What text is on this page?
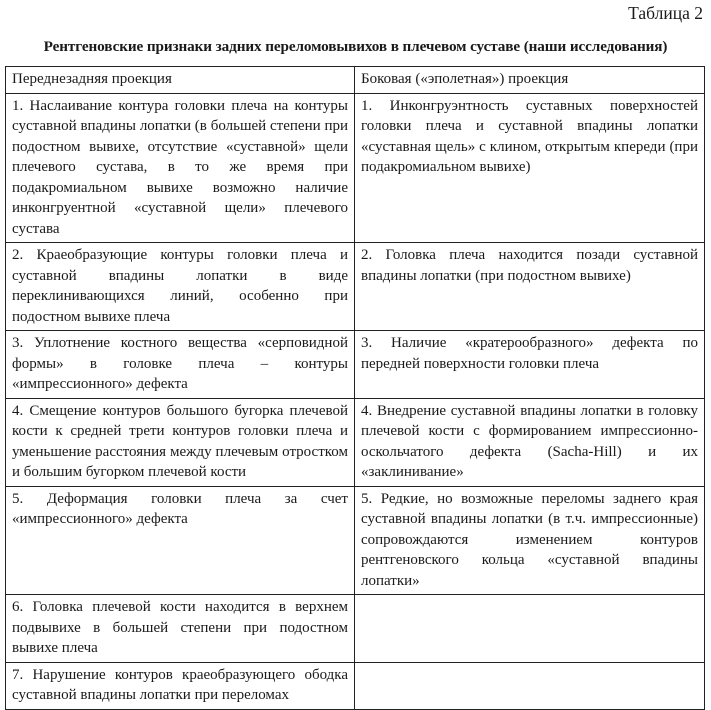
Таблица 2
Рентгеновские признаки задних переломовывихов в плечевом суставе (наши исследования)
Переднезадняя проекция	Боковая («эполетная») проекция
1. Наслаивание контура головки плеча на контуры суставной впадины лопатки (в большей степени при подостном вывихе, отсутствие «суставной» щели плечевого сустава, в то же время при подакромиальном вывихе возможно наличие инконгруентной «суставной щели» плечевого сустава	1. Инконгруэнтность суставных поверхностей головки плеча и суставной впадины лопатки «суставная щель» с клином, открытым кпереди (при подакромиальном вывихе)
2. Краеобразующие контуры головки плеча и суставной впадины лопатки в виде переклинивающихся линий, особенно при подостном вывихе плеча	2. Головка плеча находится позади суставной впадины лопатки (при подостном вывихе)
3. Уплотнение костного вещества «серповидной формы» в головке плеча – контуры «импрессионного» дефекта	3. Наличие «кратерообразного» дефекта по передней поверхности головки плеча
4. Смещение контуров большого бугорка плечевой кости к средней трети контуров головки плеча и уменьшение расстояния между плечевым отростком и большим бугорком плечевой кости	4. Внедрение суставной впадины лопатки в головку плечевой кости с формированием импрессионно-оскольчатого дефекта (Sacha-Hill) и их «заклинивание»
5. Деформация головки плеча за счет «импрессионного» дефекта	5. Редкие, но возможные переломы заднего края суставной впадины лопатки (в т.ч. импрессионные) сопровождаются изменением контуров рентгеновского кольца «суставной впадины лопатки»
6. Головка плечевой кости находится в верхнем подвывихе в большей степени при подостном вывихе плеча	
7. Нарушение контуров краеобразующего ободка суставной впадины лопатки при переломах	
